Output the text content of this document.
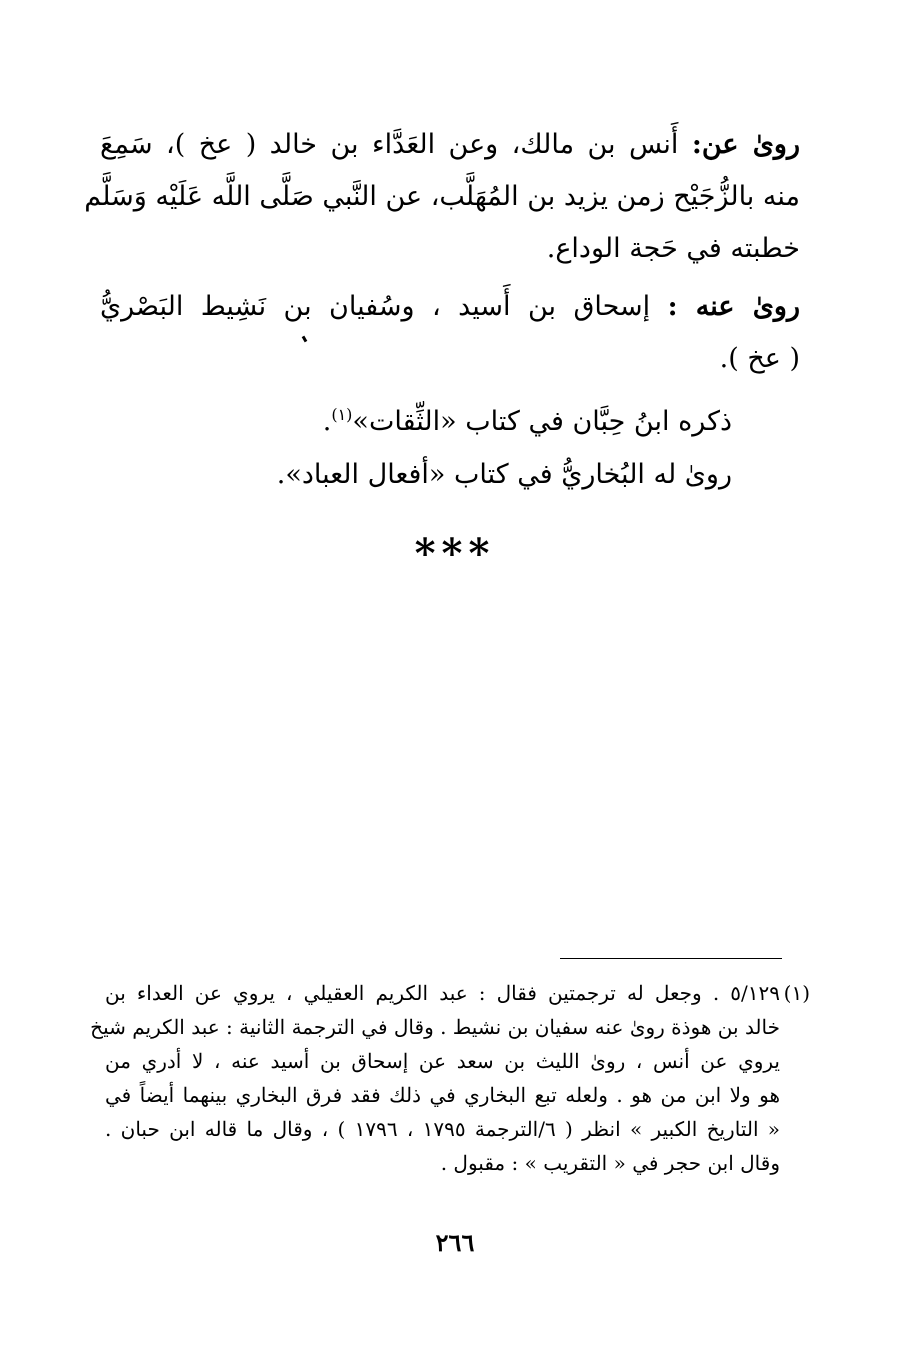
رویٰ عن: أَنس بن مالك، وعن العَدَّاء بن خالد ( عخ )، سَمِعَ
منه بالزُّجَيْح زمن يزيد بن المُهَلَّب، عن النَّبي صَلَّى اللَّه عَلَيْه وَسَلَّم
خطبته في حَجة الوداع.
روىٰ عنه : إسحاق بن أَسيد ، وسُفيان بن نَشِيط البَصْريُّ
( عخ ).
ذكره ابنُ حِبَّان في كتاب «الثِّقات»$^{(١)}$.
روىٰ له البُخاريُّ في كتاب «أفعال العباد».
***
(١)
٥/١٢٩ . وجعل له ترجمتين فقال : عبد الكريم العقيلي ، يروي عن العداء بن
خالد بن هوذة روىٰ عنه سفيان بن نشيط . وقال في الترجمة الثانية : عبد الكريم شيخ
يروي عن أنس ، روىٰ الليث بن سعد عن إسحاق بن أسيد عنه ، لا أدري من
هو ولا ابن من هو . ولعله تبع البخاري في ذلك فقد فرق البخاري بينهما أيضاً في
« التاريخ الكبير » انظر ( ٦/الترجمة ١٧٩٥ ، ١٧٩٦ ) ، وقال ما قاله ابن حبان .
وقال ابن حجر في « التقريب » : مقبول .
٢٦٦
